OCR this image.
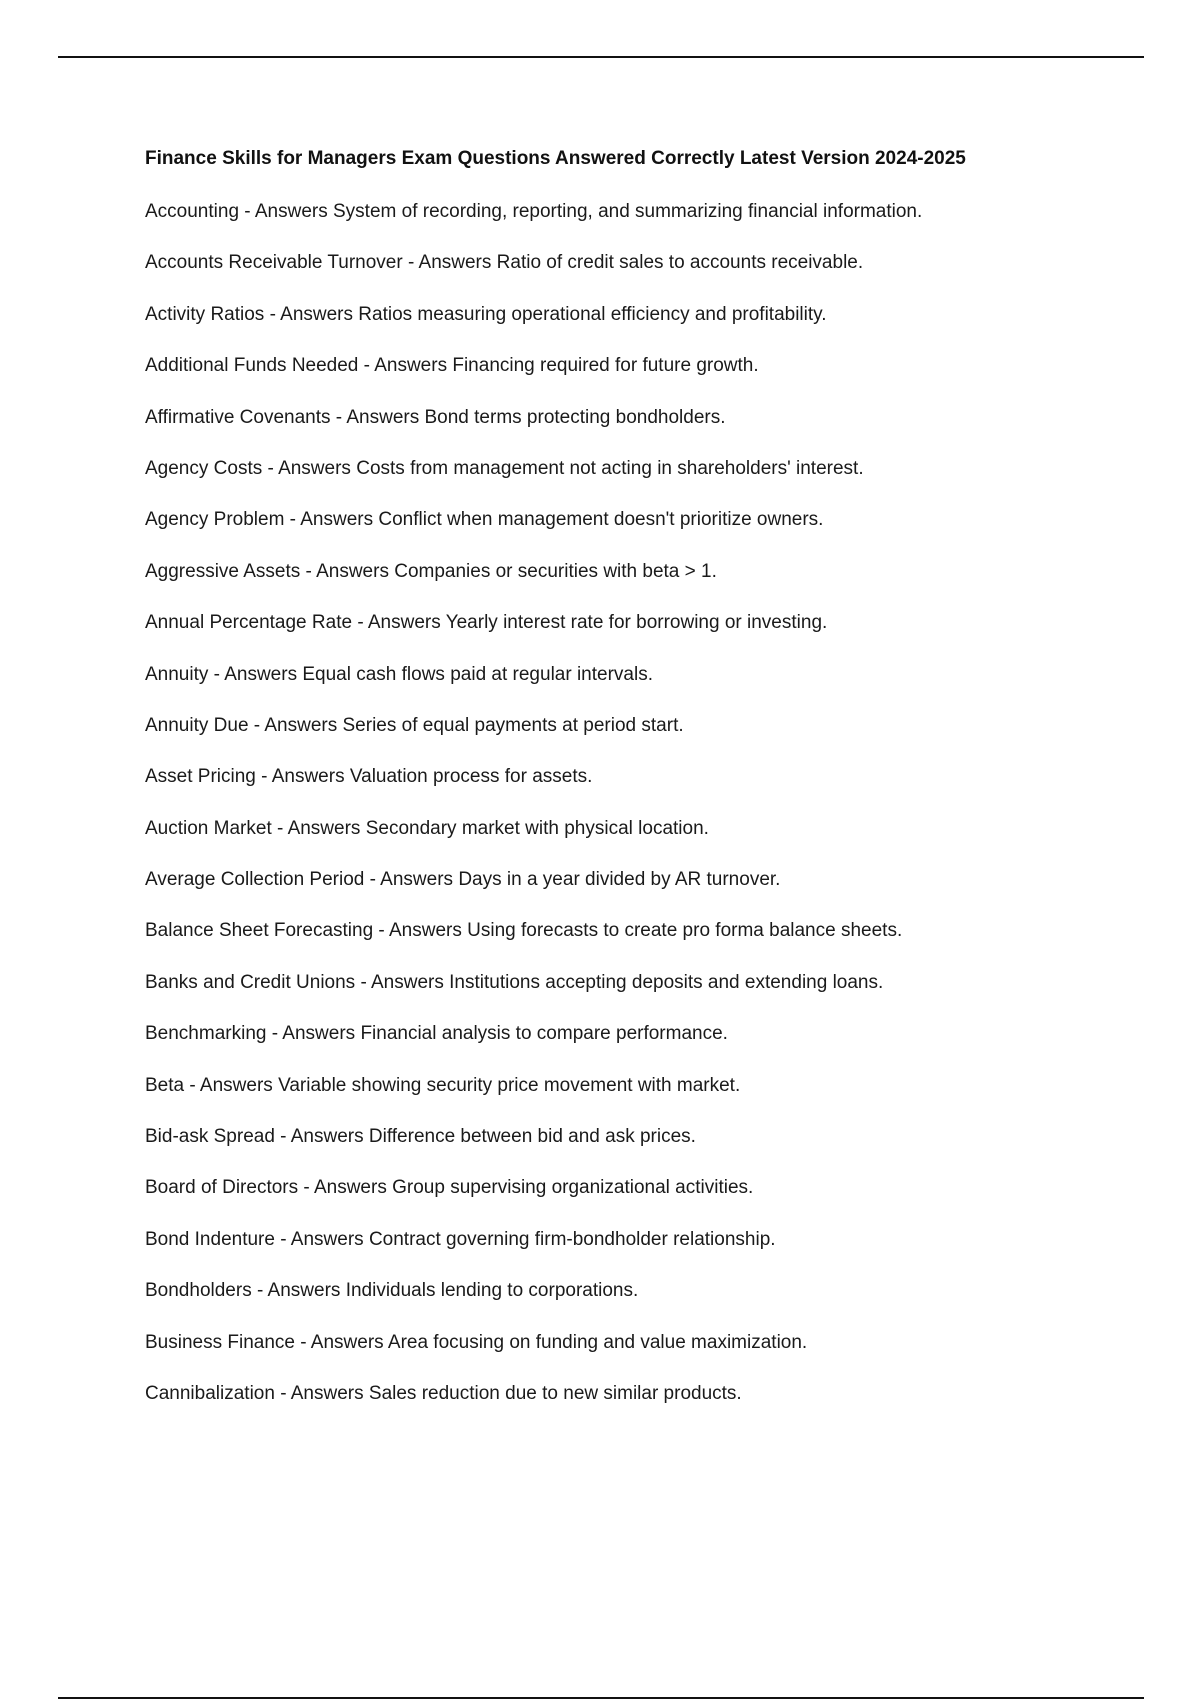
Finance Skills for Managers Exam Questions Answered Correctly Latest Version 2024-2025
Accounting - Answers System of recording, reporting, and summarizing financial information.
Accounts Receivable Turnover - Answers Ratio of credit sales to accounts receivable.
Activity Ratios - Answers Ratios measuring operational efficiency and profitability.
Additional Funds Needed - Answers Financing required for future growth.
Affirmative Covenants - Answers Bond terms protecting bondholders.
Agency Costs - Answers Costs from management not acting in shareholders' interest.
Agency Problem - Answers Conflict when management doesn't prioritize owners.
Aggressive Assets - Answers Companies or securities with beta > 1.
Annual Percentage Rate - Answers Yearly interest rate for borrowing or investing.
Annuity - Answers Equal cash flows paid at regular intervals.
Annuity Due - Answers Series of equal payments at period start.
Asset Pricing - Answers Valuation process for assets.
Auction Market - Answers Secondary market with physical location.
Average Collection Period - Answers Days in a year divided by AR turnover.
Balance Sheet Forecasting - Answers Using forecasts to create pro forma balance sheets.
Banks and Credit Unions - Answers Institutions accepting deposits and extending loans.
Benchmarking - Answers Financial analysis to compare performance.
Beta - Answers Variable showing security price movement with market.
Bid-ask Spread - Answers Difference between bid and ask prices.
Board of Directors - Answers Group supervising organizational activities.
Bond Indenture - Answers Contract governing firm-bondholder relationship.
Bondholders - Answers Individuals lending to corporations.
Business Finance - Answers Area focusing on funding and value maximization.
Cannibalization - Answers Sales reduction due to new similar products.
